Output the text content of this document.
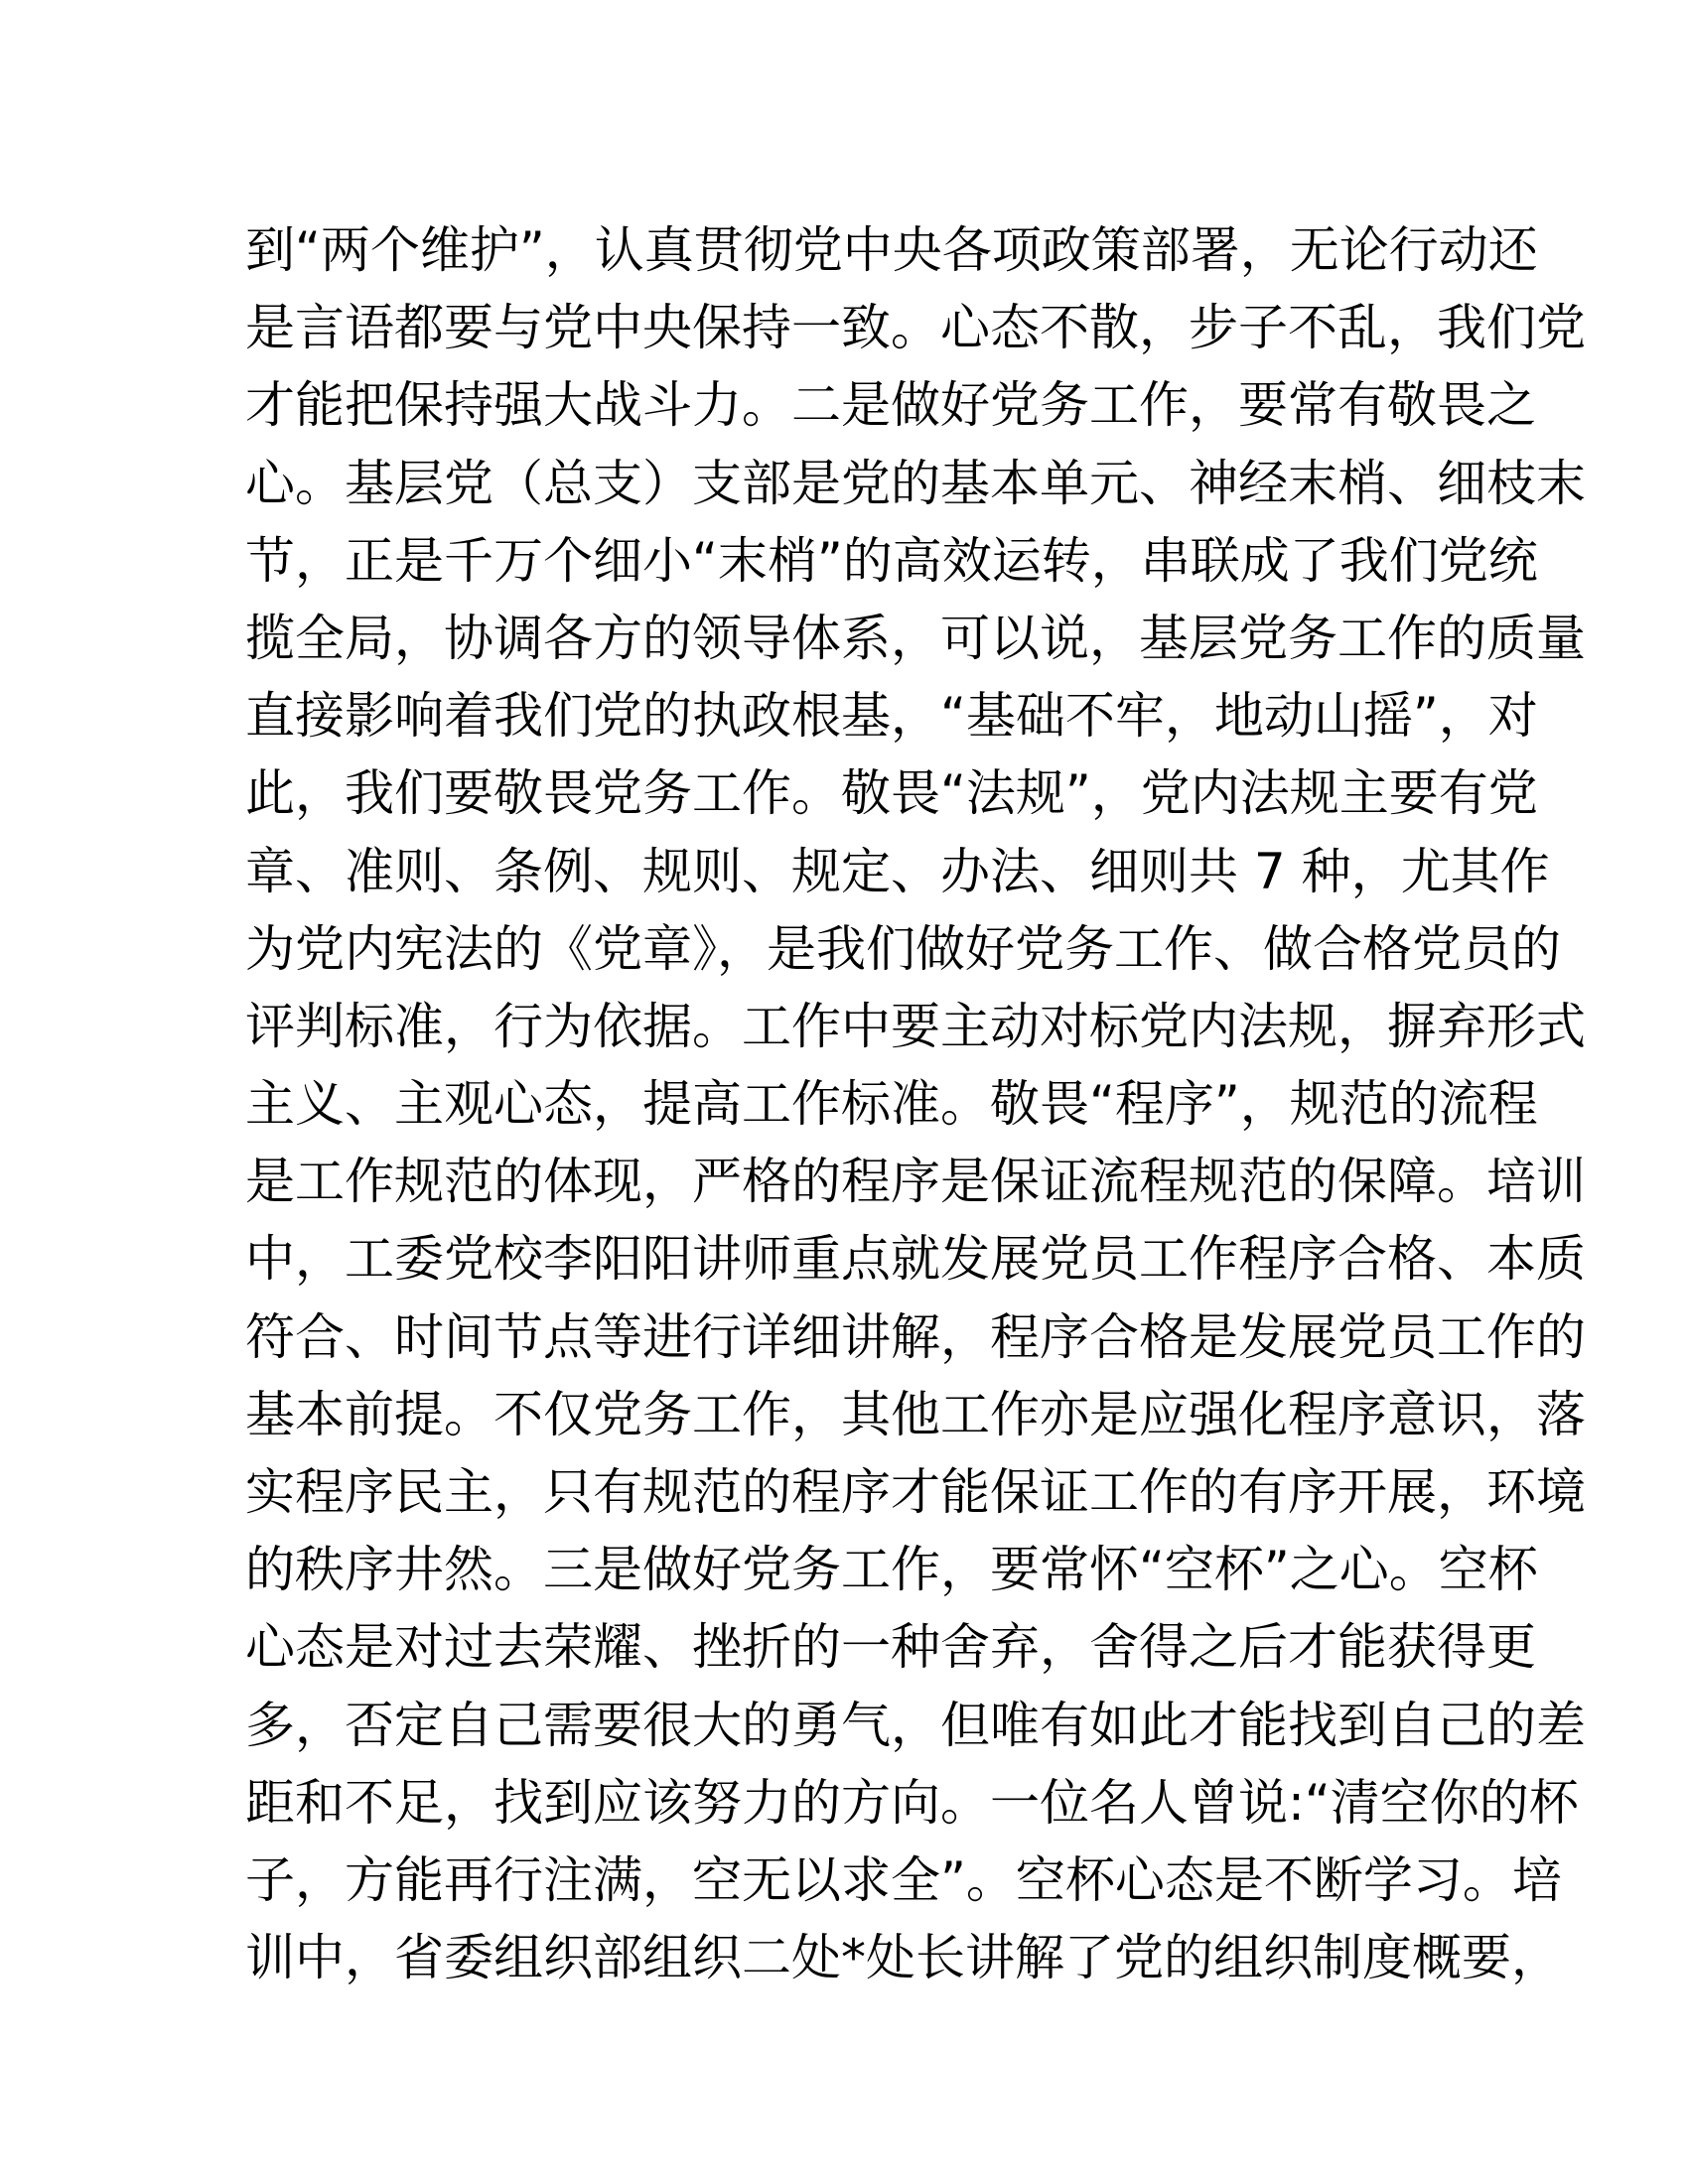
到“两个维护”，认真贯彻党中央各项政策部署，无论行动还
是言语都要与党中央保持一致。心态不散，步子不乱，我们党
才能把保持强大战斗力。二是做好党务工作，要常有敬畏之
心。基层党（总支）支部是党的基本单元、神经末梢、细枝末
节，正是千万个细小“末梢”的高效运转，串联成了我们党统
揽全局，协调各方的领导体系，可以说，基层党务工作的质量
直接影响着我们党的执政根基，“基础不牢，地动山摇”，对
此，我们要敬畏党务工作。敬畏“法规”，党内法规主要有党
章、准则、条例、规则、规定、办法、细则共 7 种，尤其作
为党内宪法的《党章》，是我们做好党务工作、做合格党员的
评判标准，行为依据。工作中要主动对标党内法规，摒弃形式
主义、主观心态，提高工作标准。敬畏“程序”，规范的流程
是工作规范的体现，严格的程序是保证流程规范的保障。培训
中，工委党校李阳阳讲师重点就发展党员工作程序合格、本质
符合、时间节点等进行详细讲解，程序合格是发展党员工作的
基本前提。不仅党务工作，其他工作亦是应强化程序意识，落
实程序民主，只有规范的程序才能保证工作的有序开展，环境
的秩序井然。三是做好党务工作，要常怀“空杯”之心。空杯
心态是对过去荣耀、挫折的一种舍弃，舍得之后才能获得更
多，否定自己需要很大的勇气，但唯有如此才能找到自己的差
距和不足，找到应该努力的方向。一位名人曾说:“清空你的杯
子，方能再行注满，空无以求全”。空杯心态是不断学习。培
训中，省委组织部组织二处*处长讲解了党的组织制度概要，
